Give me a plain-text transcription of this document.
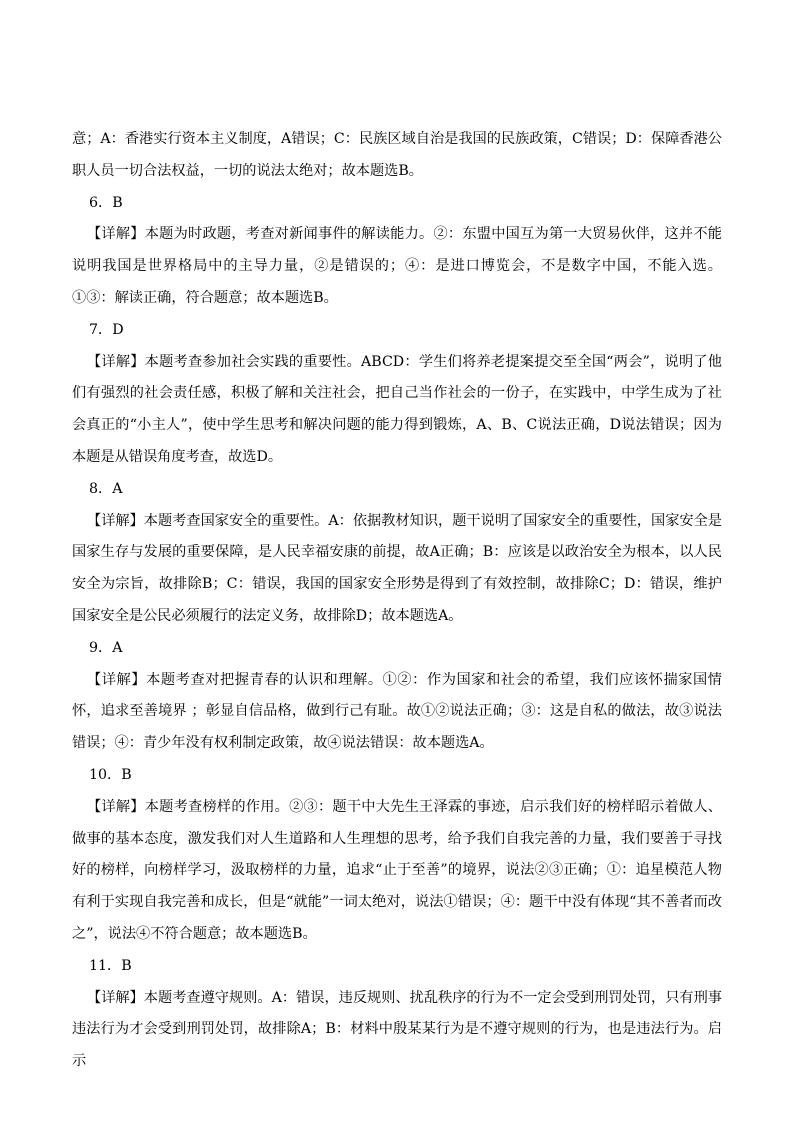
意；A：香港实行资本主义制度，A错误；C：民族区域自治是我国的民族政策，C错误；D：保障香港公职人员一切合法权益，一切的说法太绝对；故本题选B。

6．B

【详解】本题为时政题，考查对新闻事件的解读能力。②：东盟中国互为第一大贸易伙伴，这并不能说明我国是世界格局中的主导力量，②是错误的；④：是进口博览会，不是数字中国，不能入选。①③：解读正确，符合题意；故本题选B。

7．D

【详解】本题考查参加社会实践的重要性。ABCD：学生们将养老提案提交至全国“两会”，说明了他们有强烈的社会责任感，积极了解和关注社会，把自己当作社会的一份子，在实践中，中学生成为了社会真正的“小主人”，使中学生思考和解决问题的能力得到锻炼，A、B、C说法正确，D说法错误；因为本题是从错误角度考查，故选D。

8．A

【详解】本题考查国家安全的重要性。A：依据教材知识，题干说明了国家安全的重要性，国家安全是国家生存与发展的重要保障，是人民幸福安康的前提，故A正确；B：应该是以政治安全为根本，以人民安全为宗旨，故排除B；C：错误，我国的国家安全形势是得到了有效控制，故排除C；D：错误，维护国家安全是公民必须履行的法定义务，故排除D；故本题选A。

9．A

【详解】本题考查对把握青春的认识和理解。①②：作为国家和社会的希望，我们应该怀揣家国情怀，追求至善境界 ；彰显自信品格，做到行己有耻。故①②说法正确；③：这是自私的做法，故③说法错误；④：青少年没有权利制定政策，故④说法错误：故本题选A。

10．B

【详解】本题考查榜样的作用。②③：题干中大先生王泽霖的事迹，启示我们好的榜样昭示着做人、做事的基本态度，激发我们对人生道路和人生理想的思考，给予我们自我完善的力量，我们要善于寻找好的榜样，向榜样学习，汲取榜样的力量，追求“止于至善”的境界，说法②③正确；①：追星模范人物有利于实现自我完善和成长，但是“就能”一词太绝对，说法①错误；④：题干中没有体现“其不善者而改之”，说法④不符合题意；故本题选B。

11．B

【详解】本题考查遵守规则。A：错误，违反规则、扰乱秩序的行为不一定会受到刑罚处罚，只有刑事违法行为才会受到刑罚处罚，故排除A；B：材料中殷某某行为是不遵守规则的行为，也是违法行为。启示
